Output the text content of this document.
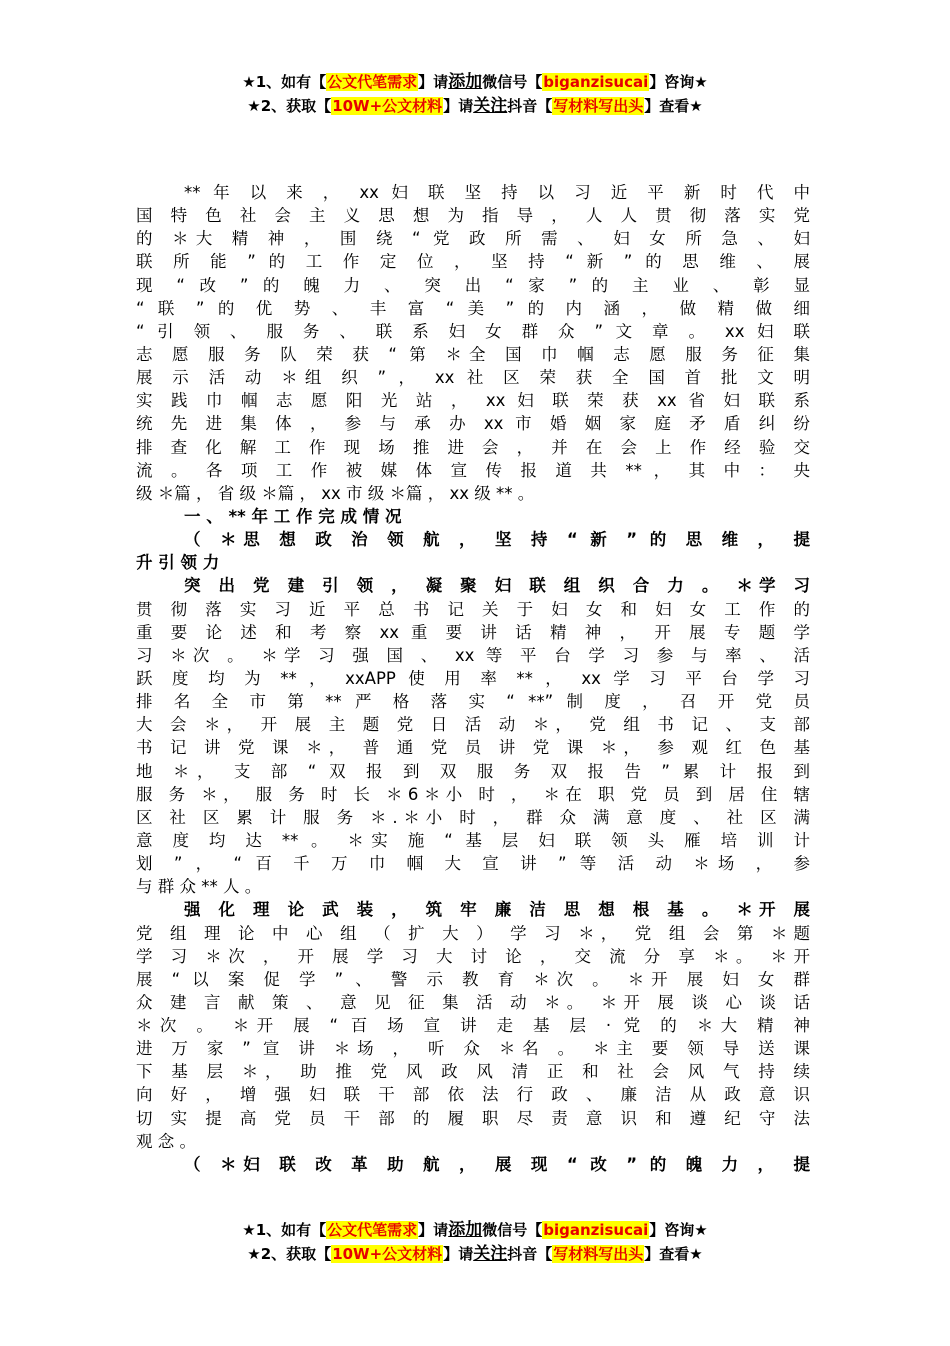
★1、如有【公文代笔需求】请添加微信号【biganzisucai】咨询★
★2、获取【10W+公文材料】请关注抖音【写材料写出头】查看★
** 年 以 来 ， xx 妇 联 坚 持 以 习 近 平 新 时 代 中
国 特 色 社 会 主 义 思 想 为 指 导 ， 人 人 贯 彻 落 实 党
的 ＊大 精 神 ， 围 绕 “ 党 政 所 需 、 妇 女 所 急 、 妇
联 所 能 ” 的 工 作 定 位 ， 坚 持 “ 新 ” 的 思 维 、 展
现 “ 改 ” 的 魄 力 、 突 出 “ 家 ” 的 主 业 、 彰 显
“ 联 ” 的 优 势 、 丰 富 “ 美 ” 的 内 涵 ， 做 精 做 细
“ 引 领 、 服 务 、 联 系 妇 女 群 众 ” 文 章 。 xx 妇 联
志 愿 服 务 队 荣 获 “ 第 ＊全 国 巾 帼 志 愿 服 务 征 集
展 示 活 动 ＊组 织 ” ， xx 社 区 荣 获 全 国 首 批 文 明
实 践 巾 帼 志 愿 阳 光 站 ， xx 妇 联 荣 获 xx 省 妇 联 系
统 先 进 集 体 ， 参 与 承 办 xx 市 婚 姻 家 庭 矛 盾 纠 纷
排 查 化 解 工 作 现 场 推 进 会 ， 并 在 会 上 作 经 验 交
流 。 各 项 工 作 被 媒 体 宣 传 报 道 共 ** ， 其 中 ： 央
级 ＊篇 ， 省 级 ＊篇 ， xx 市 级 ＊篇 ， xx 级 ** 。
一 、 ** 年 工 作 完 成 情 况
（ ＊思 想 政 治 领 航 ， 坚 持 “ 新 ” 的 思 维 ， 提
升 引 领 力
突 出 党 建 引 领 ， 凝 聚 妇 联 组 织 合 力 。 ＊学 习
贯 彻 落 实 习 近 平 总 书 记 关 于 妇 女 和 妇 女 工 作 的
重 要 论 述 和 考 察 xx 重 要 讲 话 精 神 ， 开 展 专 题 学
习 ＊次 。 ＊学 习 强 国 、 xx 等 平 台 学 习 参 与 率 、 活
跃 度 均 为 ** ， xxAPP 使 用 率 ** ， xx 学 习 平 台 学 习
排 名 全 市 第 ** 严 格 落 实 “ **” 制 度 ， 召 开 党 员
大 会 ＊， 开 展 主 题 党 日 活 动 ＊， 党 组 书 记 、 支 部
书 记 讲 党 课 ＊， 普 通 党 员 讲 党 课 ＊， 参 观 红 色 基
地 ＊， 支 部 “ 双 报 到 双 服 务 双 报 告 ” 累 计 报 到
服 务 ＊， 服 务 时 长 ＊6＊小 时 ， ＊在 职 党 员 到 居 住 辖
区 社 区 累 计 服 务 ＊.＊小 时 ， 群 众 满 意 度 、 社 区 满
意 度 均 达 ** 。 ＊实 施 “ 基 层 妇 联 领 头 雁 培 训 计
划 ” ， “ 百 千 万 巾 帼 大 宣 讲 ” 等 活 动 ＊场 ， 参
与 群 众 ** 人 。
强 化 理 论 武 装 ， 筑 牢 廉 洁 思 想 根 基 。 ＊开 展
党 组 理 论 中 心 组 （ 扩 大 ） 学 习 ＊， 党 组 会 第 ＊题
学 习 ＊次 ， 开 展 学 习 大 讨 论 ， 交 流 分 享 ＊。 ＊开
展 “ 以 案 促 学 ” 、 警 示 教 育 ＊次 。 ＊开 展 妇 女 群
众 建 言 献 策 、 意 见 征 集 活 动 ＊。 ＊开 展 谈 心 谈 话
＊次 。 ＊开 展 “ 百 场 宣 讲 走 基 层 · 党 的 ＊大 精 神
进 万 家 ” 宣 讲 ＊场 ， 听 众 ＊名 。 ＊主 要 领 导 送 课
下 基 层 ＊， 助 推 党 风 政 风 清 正 和 社 会 风 气 持 续
向 好 ， 增 强 妇 联 干 部 依 法 行 政 、 廉 洁 从 政 意 识
切 实 提 高 党 员 干 部 的 履 职 尽 责 意 识 和 遵 纪 守 法
观 念 。
（ ＊妇 联 改 革 助 航 ， 展 现 “ 改 ” 的 魄 力 ， 提
★1、如有【公文代笔需求】请添加微信号【biganzisucai】咨询★
★2、获取【10W+公文材料】请关注抖音【写材料写出头】查看★
